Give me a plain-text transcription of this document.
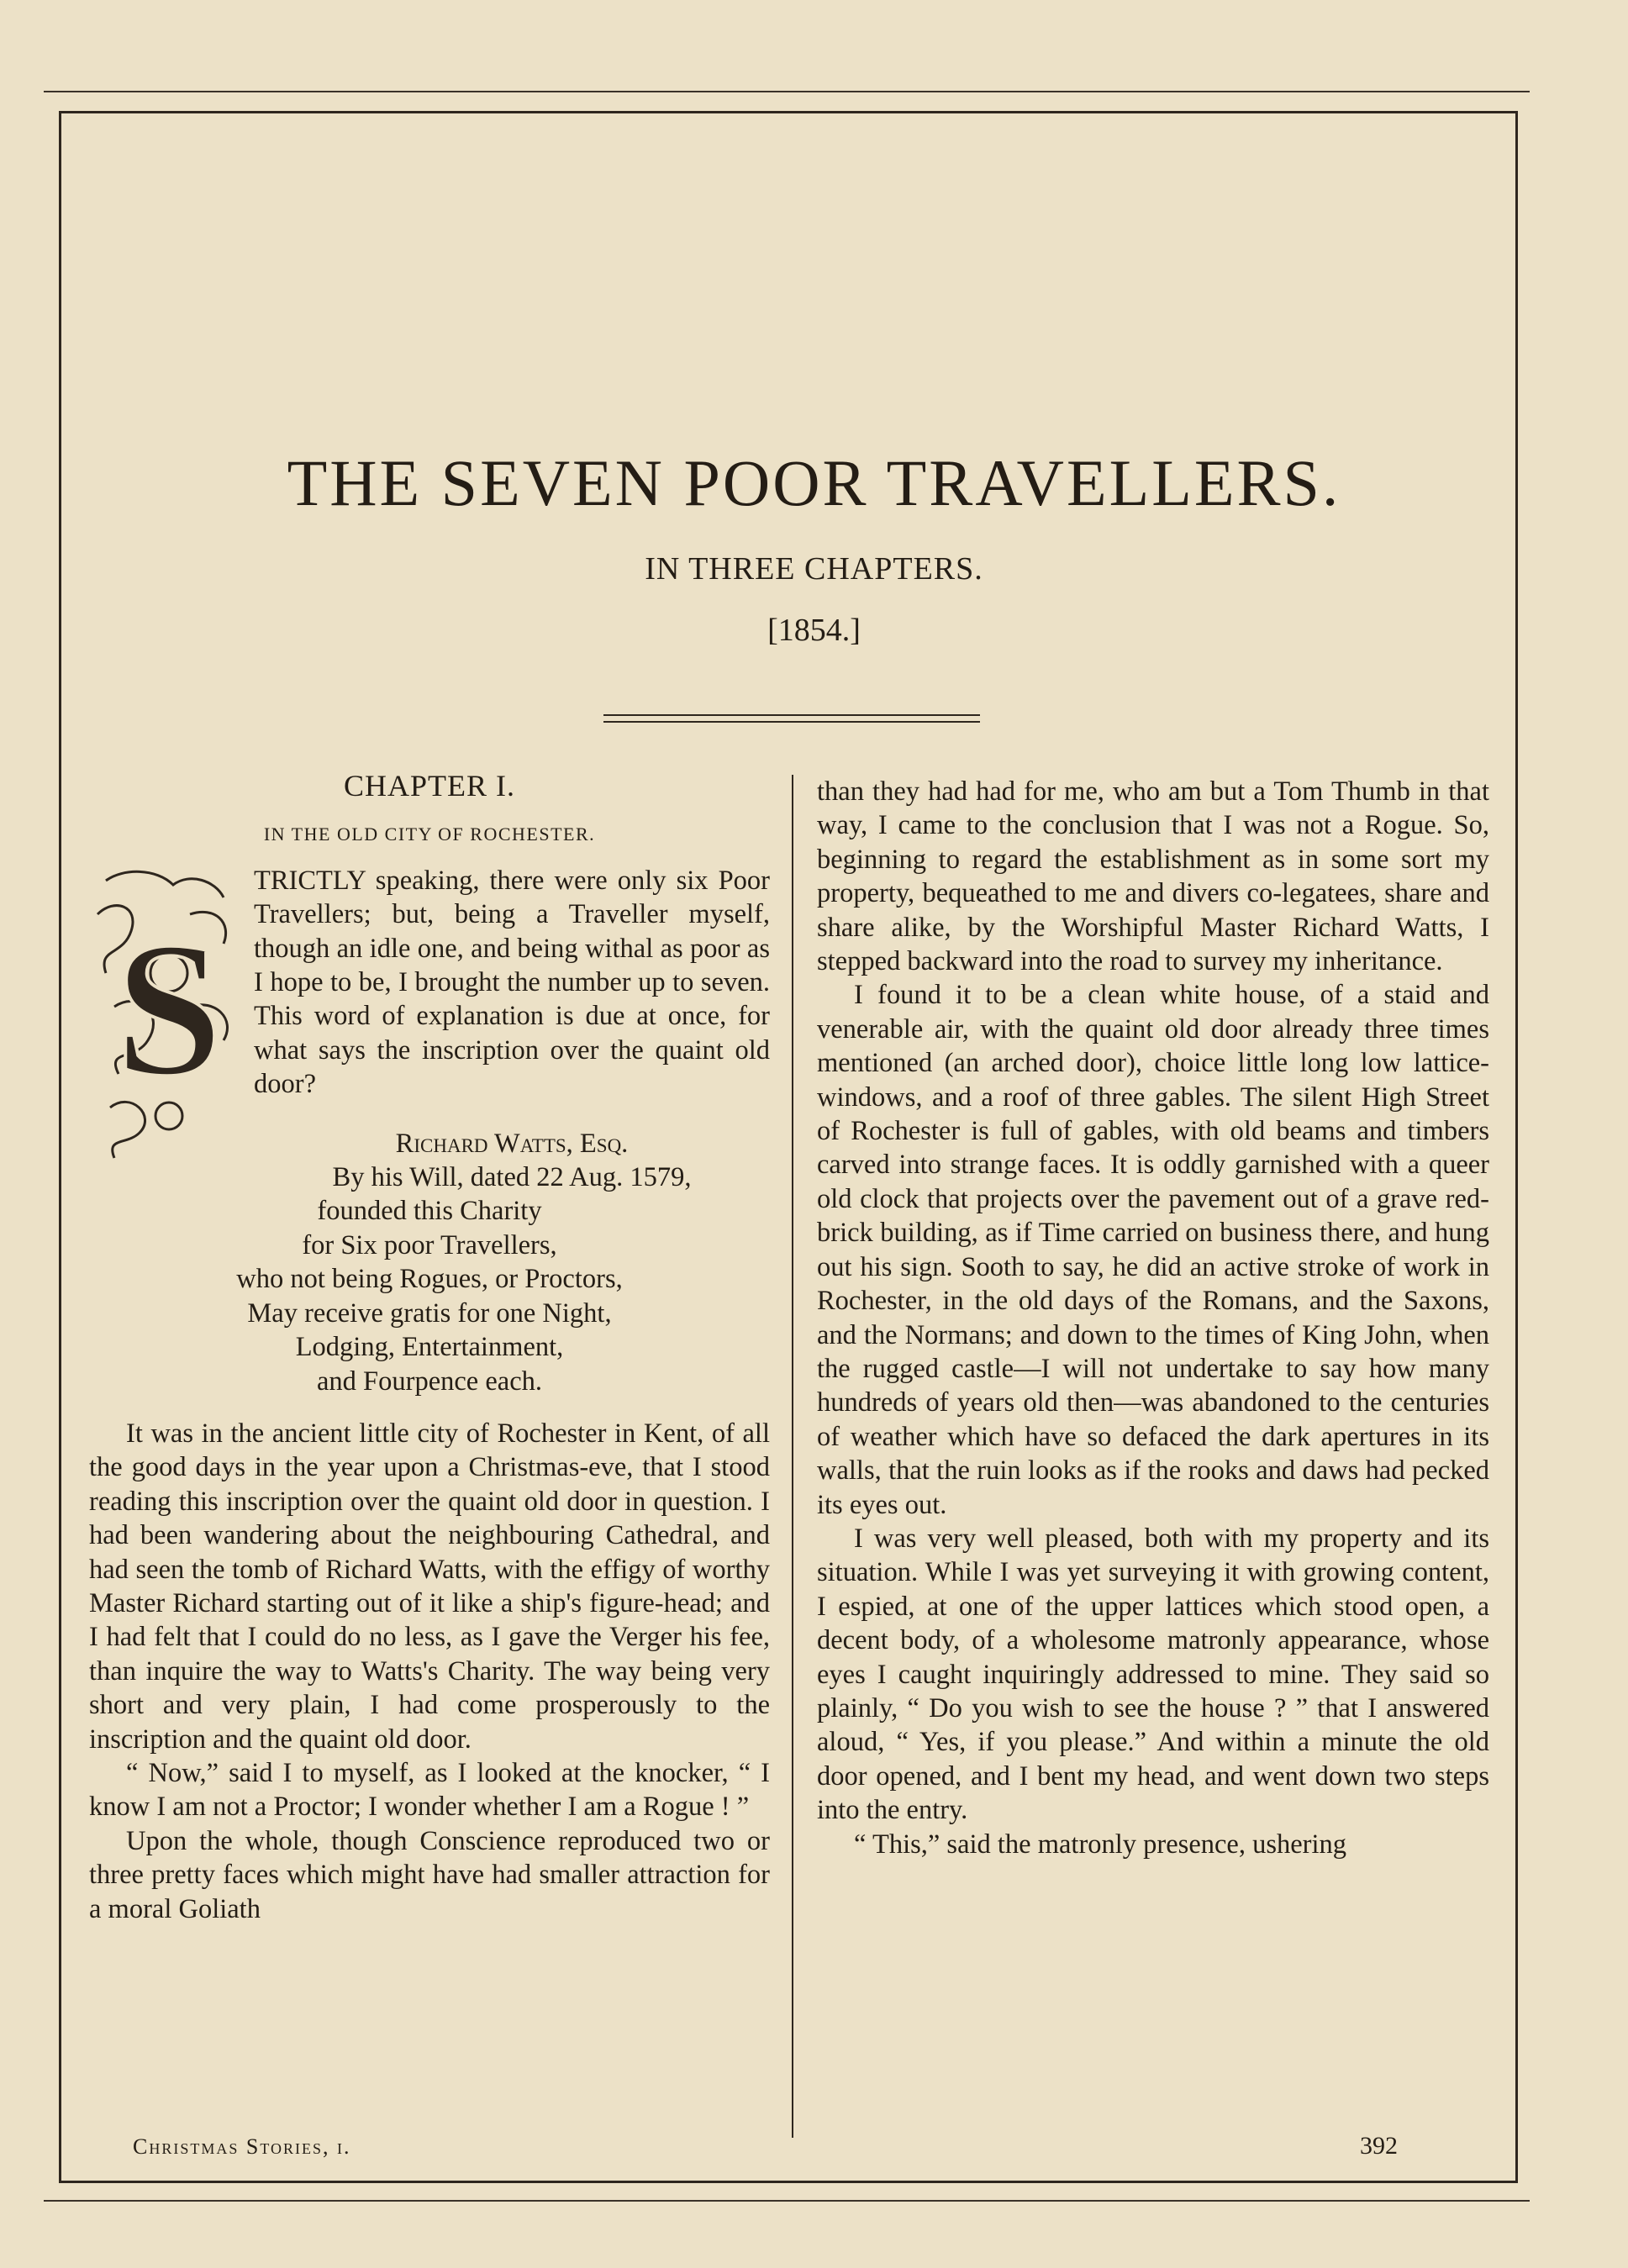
THE SEVEN POOR TRAVELLERS.
IN THREE CHAPTERS.
[1854.]
CHAPTER I.
IN THE OLD CITY OF ROCHESTER.
S

TRICTLY speaking, there were only six Poor Travellers; but, being a Traveller myself, though an idle one, and being withal as poor as I hope to be, I brought the number up to seven. This word of explanation is due at once, for what says the inscription over the quaint old door?

Richard Watts, Esq.
By his Will, dated 22 Aug. 1579,
founded this Charity
for Six poor Travellers,
who not being Rogues, or Proctors,
May receive gratis for one Night,
Lodging, Entertainment,
and Fourpence each.

It was in the ancient little city of Rochester in Kent, of all the good days in the year upon a Christmas-eve, that I stood reading this inscription over the quaint old door in question. I had been wandering about the neighbouring Cathedral, and had seen the tomb of Richard Watts, with the effigy of worthy Master Richard starting out of it like a ship's figure-head; and I had felt that I could do no less, as I gave the Verger his fee, than inquire the way to Watts's Charity. The way being very short and very plain, I had come prosperously to the inscription and the quaint old door.

“ Now,” said I to myself, as I looked at the knocker, “ I know I am not a Proctor; I wonder whether I am a Rogue ! ”

Upon the whole, though Conscience reproduced two or three pretty faces which might have had smaller attraction for a moral Goliath

than they had had for me, who am but a Tom Thumb in that way, I came to the conclusion that I was not a Rogue. So, beginning to regard the establishment as in some sort my property, bequeathed to me and divers co-legatees, share and share alike, by the Worshipful Master Richard Watts, I stepped backward into the road to survey my inheritance.

I found it to be a clean white house, of a staid and venerable air, with the quaint old door already three times mentioned (an arched door), choice little long low lattice-windows, and a roof of three gables. The silent High Street of Rochester is full of gables, with old beams and timbers carved into strange faces. It is oddly garnished with a queer old clock that projects over the pavement out of a grave red-brick building, as if Time carried on business there, and hung out his sign. Sooth to say, he did an active stroke of work in Rochester, in the old days of the Romans, and the Saxons, and the Normans; and down to the times of King John, when the rugged castle—I will not undertake to say how many hundreds of years old then—was abandoned to the centuries of weather which have so defaced the dark apertures in its walls, that the ruin looks as if the rooks and daws had pecked its eyes out.

I was very well pleased, both with my property and its situation. While I was yet surveying it with growing content, I espied, at one of the upper lattices which stood open, a decent body, of a wholesome matronly appearance, whose eyes I caught inquiringly addressed to mine. They said so plainly, “ Do you wish to see the house ? ” that I answered aloud, “ Yes, if you please.” And within a minute the old door opened, and I bent my head, and went down two steps into the entry.

“ This,” said the matronly presence, ushering

Christmas Stories, i.	392
